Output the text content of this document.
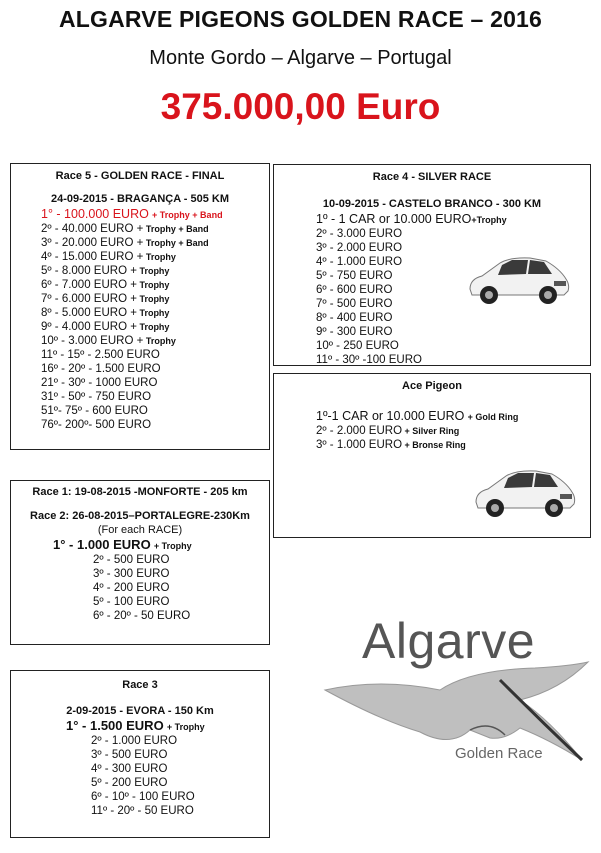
ALGARVE PIGEONS GOLDEN RACE – 2016
Monte Gordo – Algarve – Portugal
375.000,00 Euro
Race 5 - GOLDEN RACE - FINAL
24-09-2015 - BRAGANÇA - 505 KM
1° - 100.000 EURO + Trophy + Band
2º - 40.000 EURO + Trophy + Band
3º - 20.000 EURO + Trophy + Band
4º - 15.000 EURO + Trophy
5º - 8.000 EURO + Trophy
6º - 7.000 EURO + Trophy
7º - 6.000 EURO + Trophy
8º - 5.000 EURO + Trophy
9º - 4.000 EURO + Trophy
10º - 3.000 EURO + Trophy
11º - 15º - 2.500 EURO
16º - 20º - 1.500 EURO
21º - 30º - 1000 EURO
31º - 50º - 750 EURO
51º- 75º - 600 EURO
76º- 200º- 500 EURO
Race 4 - SILVER RACE
10-09-2015 - CASTELO BRANCO - 300 KM
1º - 1 CAR or 10.000 EURO+Trophy
2º - 3.000 EURO
3º - 2.000 EURO
4º - 1.000 EURO
5º - 750 EURO
6º - 600 EURO
7º - 500 EURO
8º - 400 EURO
9º - 300 EURO
10º - 250 EURO
11º - 30º -100 EURO
Ace Pigeon
1º-1 CAR or 10.000 EURO + Gold Ring
2º - 2.000 EURO + Silver Ring
3º - 1.000 EURO + Bronse Ring
Race 1: 19-08-2015 -MONFORTE - 205 km
Race 2: 26-08-2015–PORTALEGRE-230Km
(For each RACE)
1° - 1.000 EURO + Trophy
2º - 500 EURO
3º - 300 EURO
4º - 200 EURO
5º - 100 EURO
6º - 20º - 50 EURO
Race 3
2-09-2015 - EVORA - 150 Km
1° - 1.500 EURO + Trophy
2º - 1.000 EURO
3º - 500 EURO
4º - 300 EURO
5º - 200 EURO
6º - 10º - 100 EURO
11º - 20º - 50 EURO
Algarve
Golden Race
